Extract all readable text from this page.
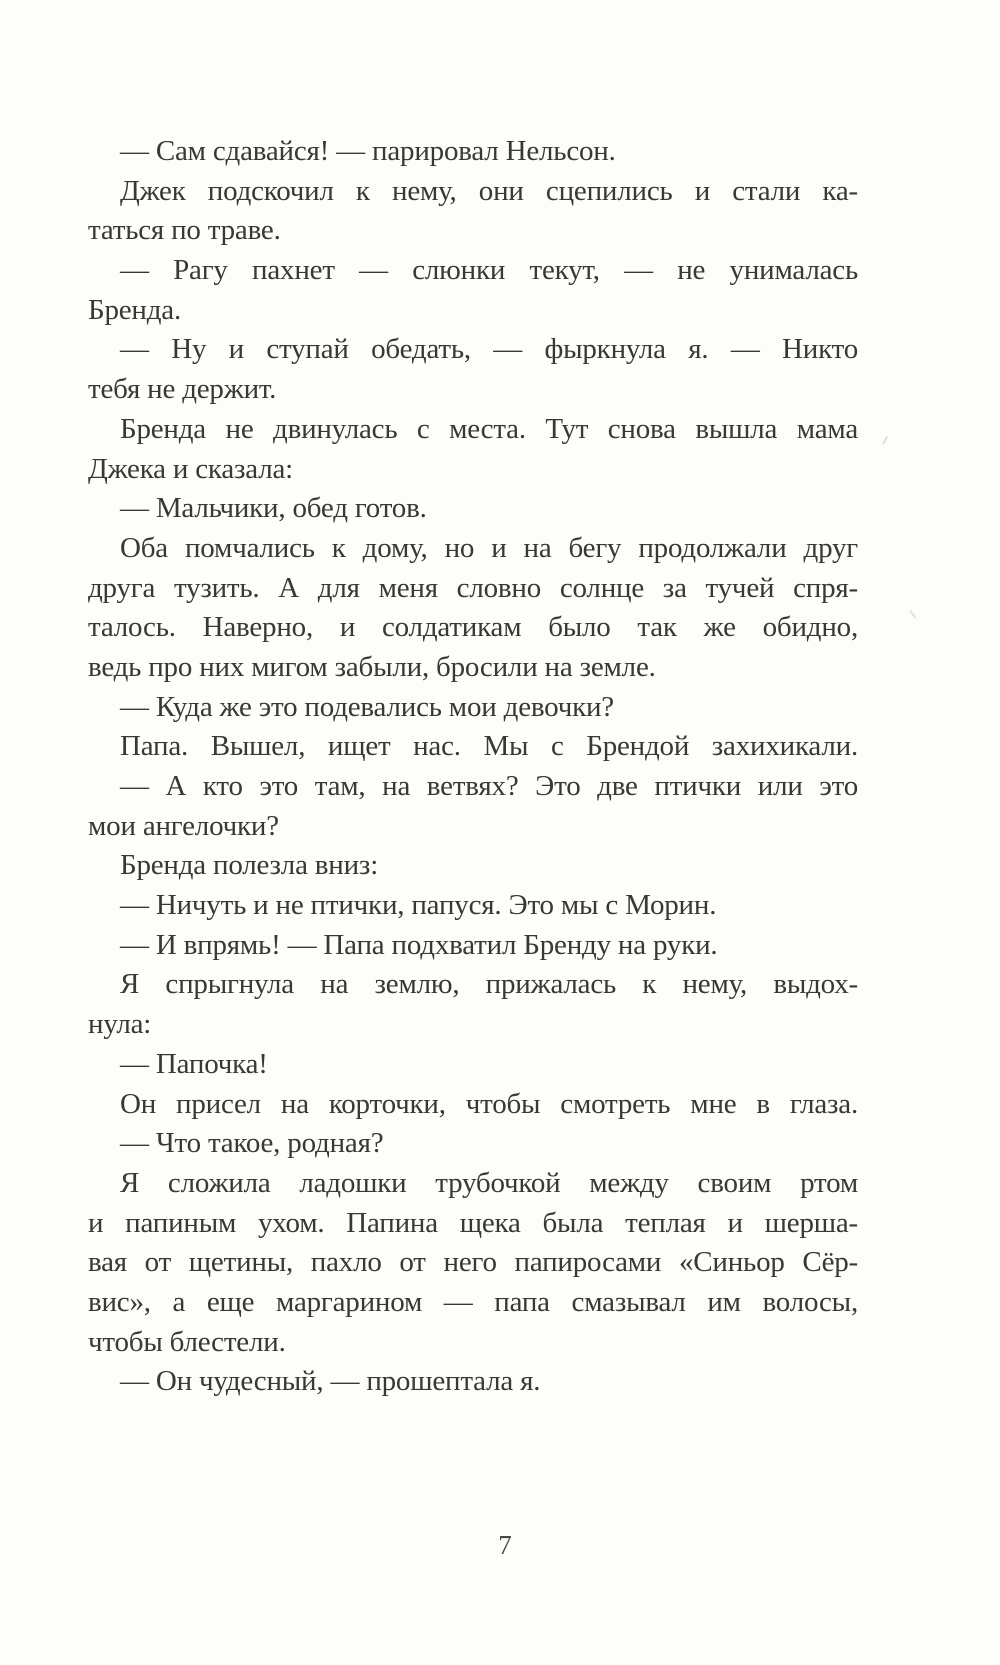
— Сам сдавайся! — парировал Нельсон.
Джек подскочил к нему, они сцепились и стали ка-
таться по траве.
— Рагу пахнет — слюнки текут, — не унималась
Бренда.
— Ну и ступай обедать, — фыркнула я. — Никто
тебя не держит.
Бренда не двинулась с места. Тут снова вышла мама
Джека и сказала:
— Мальчики, обед готов.
Оба помчались к дому, но и на бегу продолжали друг
друга тузить. А для меня словно солнце за тучей спря-
талось. Наверно, и солдатикам было так же обидно,
ведь про них мигом забыли, бросили на земле.
— Куда же это подевались мои девочки?
Папа. Вышел, ищет нас. Мы с Брендой захихикали.
— А кто это там, на ветвях? Это две птички или это
мои ангелочки?
Бренда полезла вниз:
— Ничуть и не птички, папуся. Это мы с Морин.
— И впрямь! — Папа подхватил Бренду на руки.
Я спрыгнула на землю, прижалась к нему, выдох-
нула:
— Папочка!
Он присел на корточки, чтобы смотреть мне в глаза.
— Что такое, родная?
Я сложила ладошки трубочкой между своим ртом
и папиным ухом. Папина щека была теплая и шерша-
вая от щетины, пахло от него папиросами «Синьор Сёр-
вис», а еще маргарином — папа смазывал им волосы,
чтобы блестели.
— Он чудесный, — прошептала я.
7
